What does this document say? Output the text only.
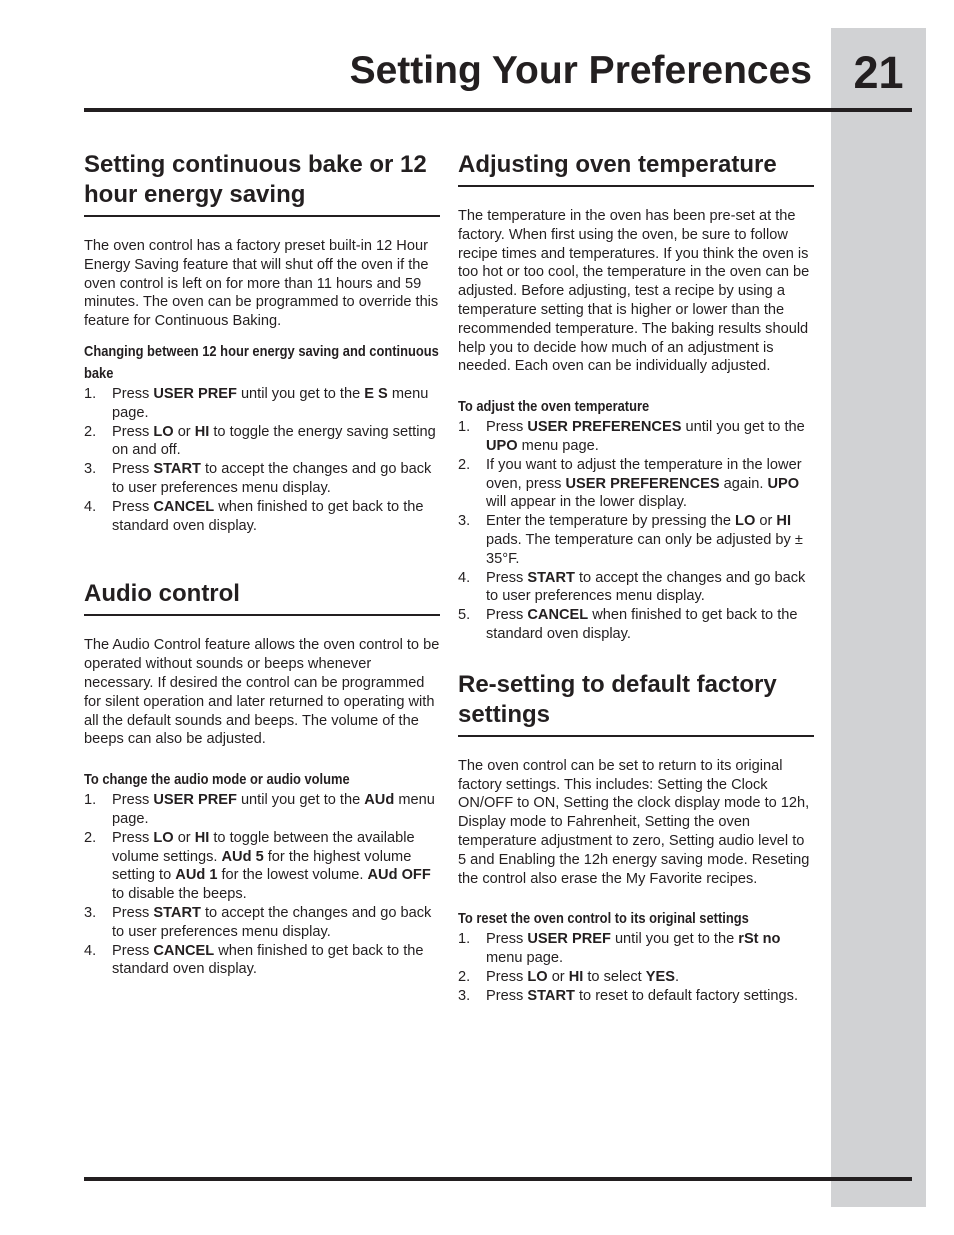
21
Setting Your Preferences
Setting continuous bake or 12 hour energy saving

The oven control has a factory preset built-in 12 Hour Energy Saving feature that will shut off the oven if the oven control is left on for more than 11 hours and 59 minutes. The oven can be programmed to override this feature for Continuous Baking.

Changing between 12 hour energy saving and continuous bake
1. Press USER PREF until you get to the E S menu page.
2. Press LO or HI to toggle the energy saving setting on and off.
3. Press START to accept the changes and go back to user preferences menu display.
4. Press CANCEL when finished to get back to the standard oven display.
Audio control

The Audio Control feature allows the oven control to be operated without sounds or beeps whenever necessary. If desired the control can be programmed for silent operation and later returned to operating with all the default sounds and beeps. The volume of the beeps can also be adjusted.

To change the audio mode or audio volume
1. Press USER PREF until you get to the AUd menu page.
2. Press LO or HI to toggle between the available volume settings. AUd 5 for the highest volume setting to AUd 1 for the lowest volume. AUd OFF to disable the beeps.
3. Press START to accept the changes and go back to user preferences menu display.
4. Press CANCEL when finished to get back to the standard oven display.
Adjusting oven temperature

The temperature in the oven has been pre-set at the factory. When first using the oven, be sure to follow recipe times and temperatures. If you think the oven is too hot or too cool, the temperature in the oven can be adjusted. Before adjusting, test a recipe by using a temperature setting that is higher or lower than the recommended temperature. The baking results should help you to decide how much of an adjustment is needed. Each oven can be individually adjusted.

To adjust the oven temperature
1. Press USER PREFERENCES until you get to the UPO menu page.
2. If you want to adjust the temperature in the lower oven, press USER PREFERENCES again. UPO will appear in the lower display.
3. Enter the temperature by pressing the LO or HI pads. The temperature can only be adjusted by ± 35°F.
4. Press START to accept the changes and go back to user preferences menu display.
5. Press CANCEL when finished to get back to the standard oven display.
Re-setting to default factory settings

The oven control can be set to return to its original factory settings. This includes: Setting the Clock ON/OFF to ON, Setting the clock display mode to 12h, Display mode to Fahrenheit, Setting the oven temperature adjustment to zero, Setting audio level to 5 and Enabling the 12h energy saving mode. Reseting the control also erase the My Favorite recipes.

To reset the oven control to its original settings
1. Press USER PREF until you get to the rSt no menu page.
2. Press LO or HI to select YES.
3. Press START to reset to default factory settings.
